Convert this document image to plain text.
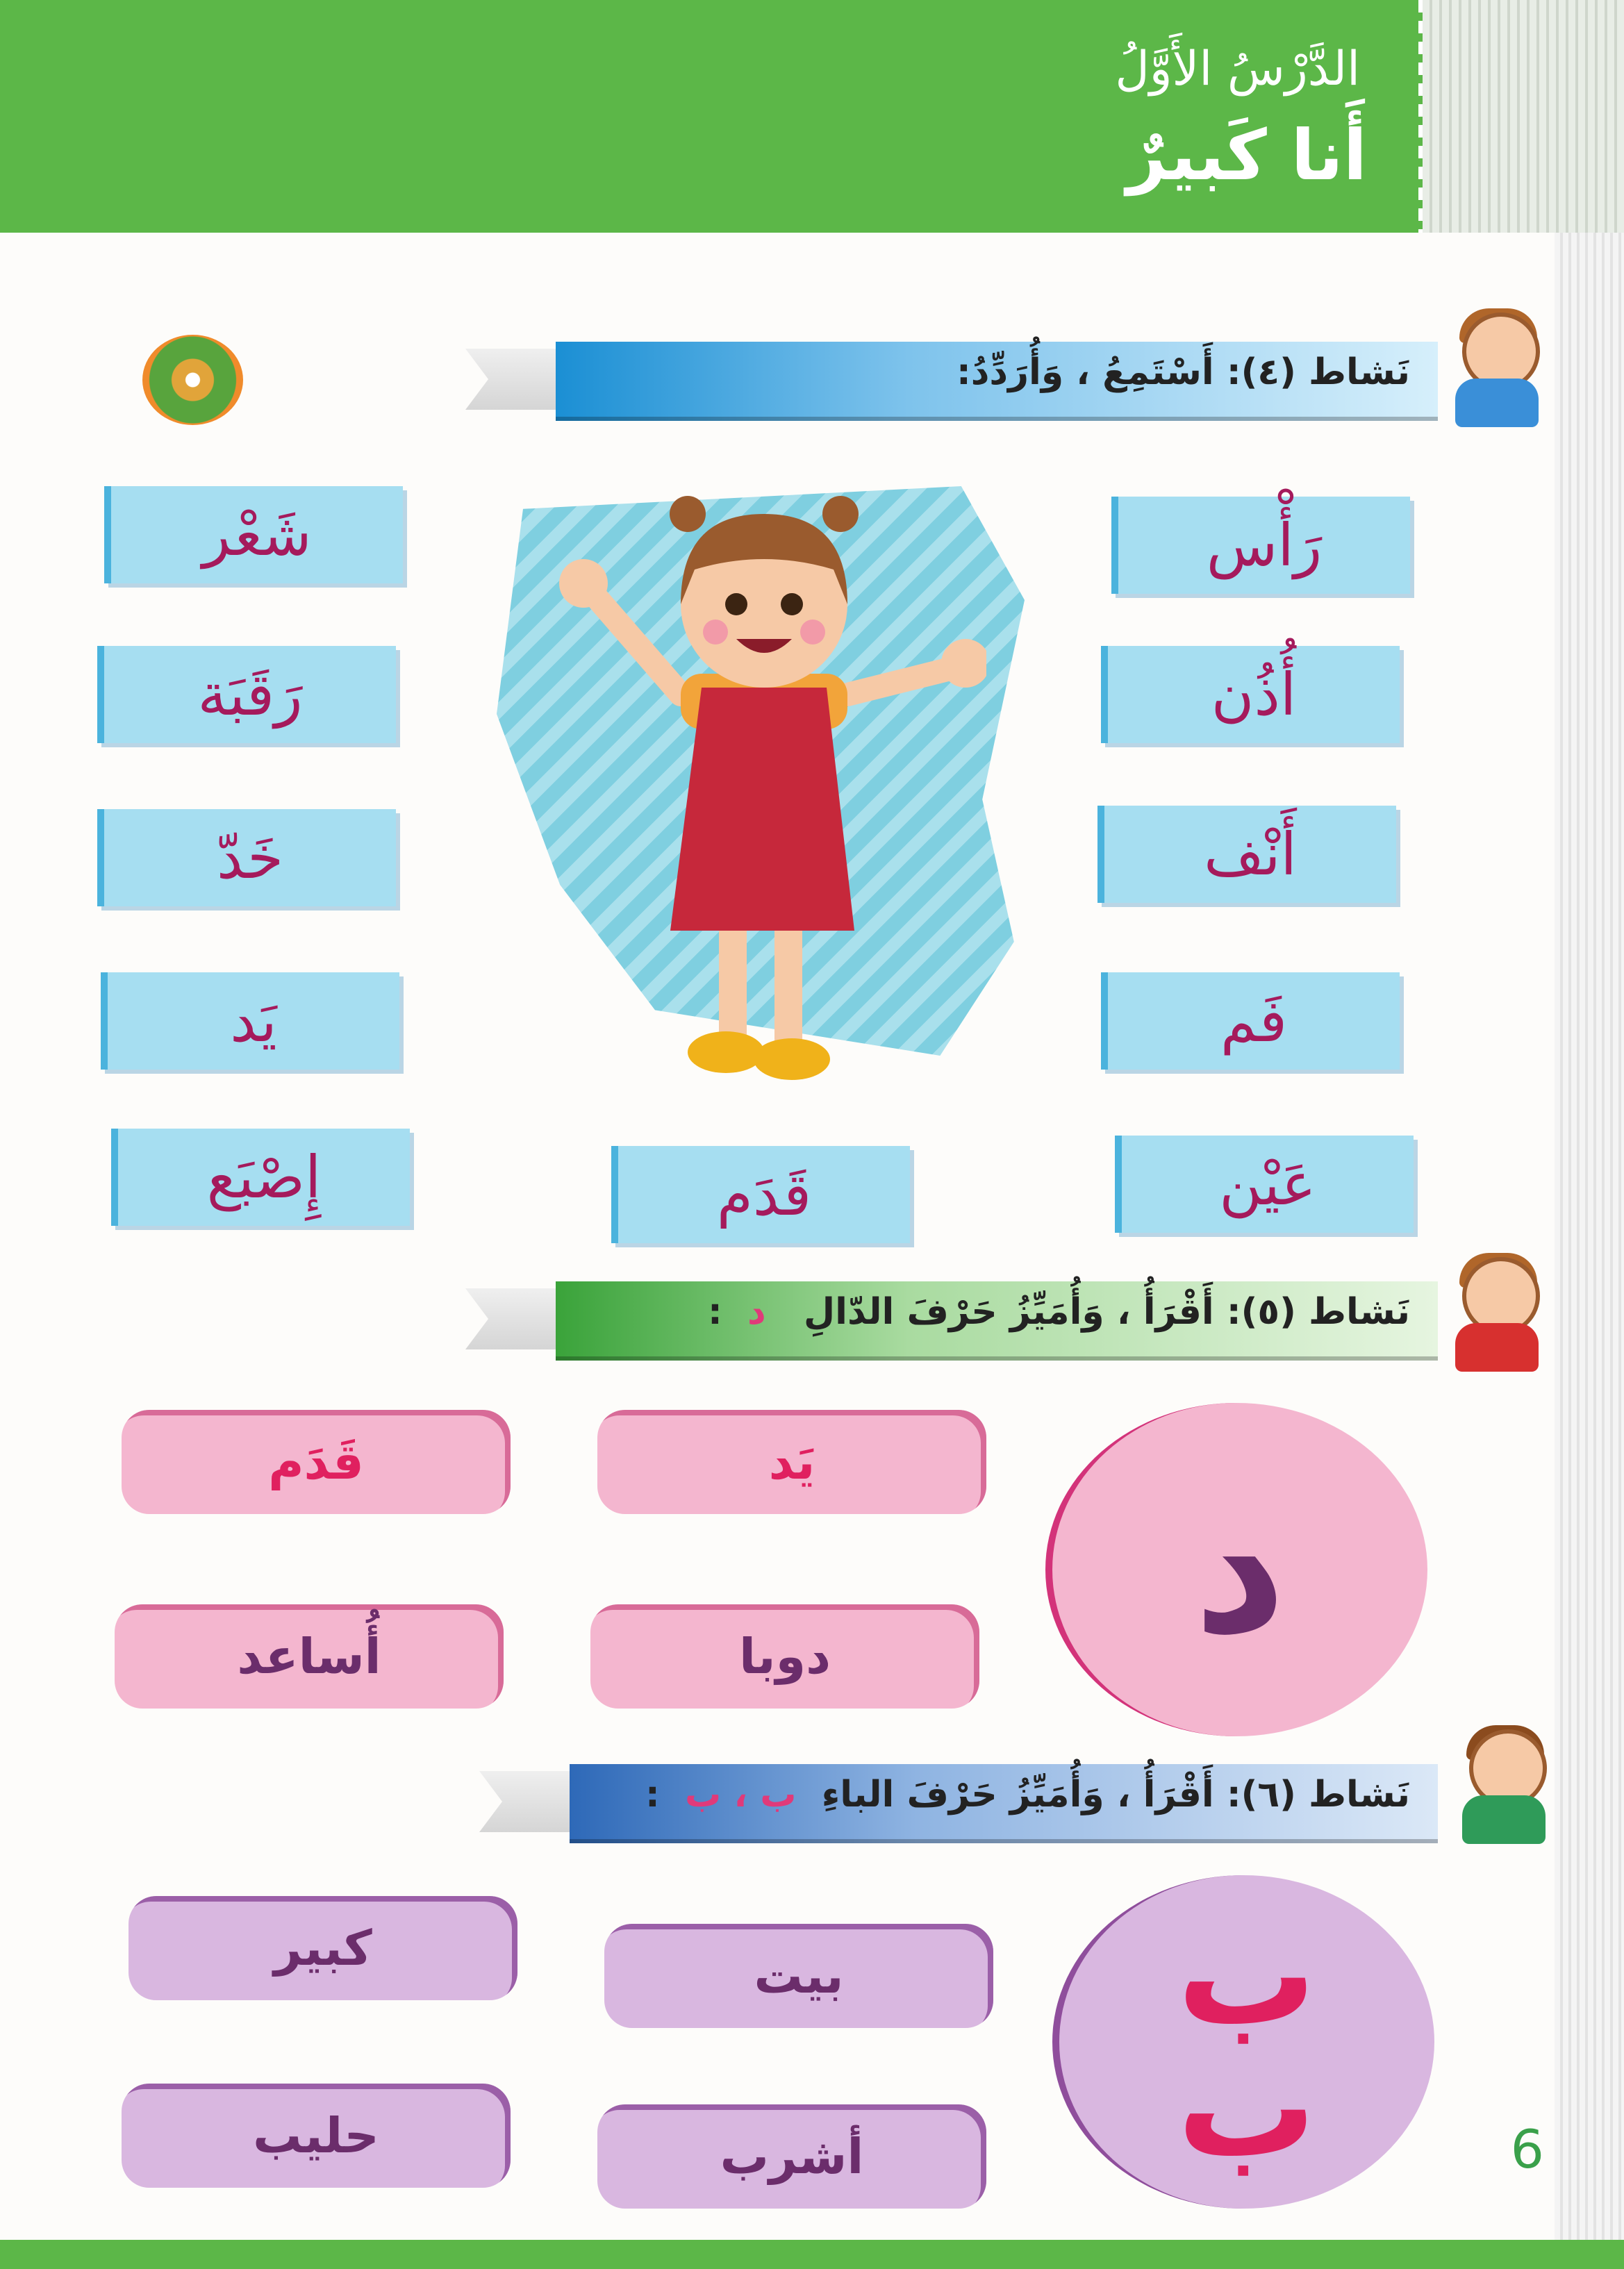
الدَّرْسُ الأَوَّلُ
أَنا كَبيرٌ
نَشاط (٤): أَسْتَمِعُ ، وَأُرَدِّدُ:
رَأْس
أُذُن
أَنْف
فَم
عَيْن
شَعْر
رَقَبَة
خَدّ
يَد
إِصْبَع	قَدَم
نَشاط (٥): أَقْرَأُ ، وَأُمَيِّزُ حَرْفَ الدّالِ   د  :
د
يَد
قَدَم
دوبا
أُساعد
نَشاط (٦): أَقْرَأُ ، وَأُمَيِّزُ حَرْفَ الباءِ  ب ، ب  :
ب
ب
بيت
كبير
أشرب
حليب	6
